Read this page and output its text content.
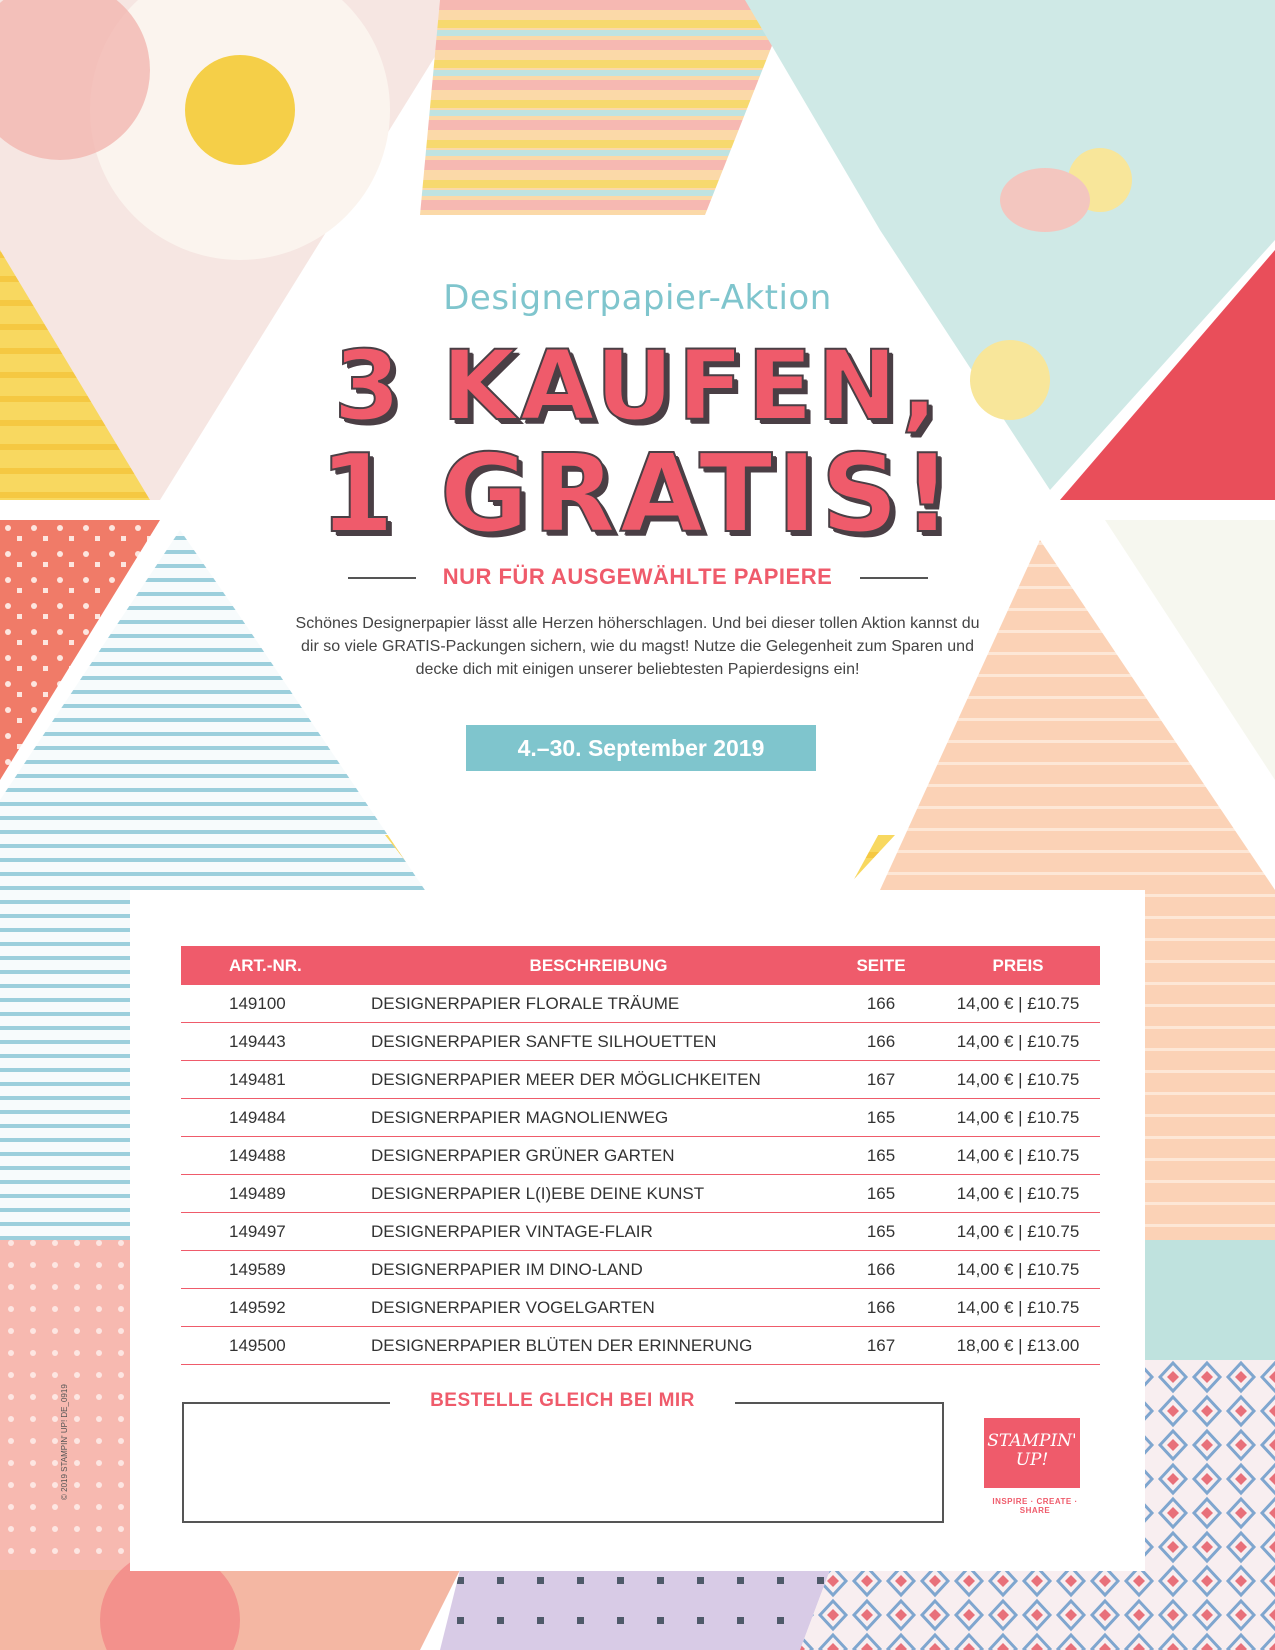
Designerpapier-Aktion
3 KAUFEN,
1 GRATIS!
NUR FÜR AUSGEWÄHLTE PAPIERE
Schönes Designerpapier lässt alle Herzen höherschlagen. Und bei dieser tollen Aktion kannst du dir so viele GRATIS-Packungen sichern, wie du magst! Nutze die Gelegenheit zum Sparen und decke dich mit einigen unserer beliebtesten Papierdesigns ein!
4.–30. September 2019
ART.-NR.	BESCHREIBUNG	SEITE	PREIS
149100	DESIGNERPAPIER FLORALE TRÄUME	166	14,00 € | £10.75
149443	DESIGNERPAPIER SANFTE SILHOUETTEN	166	14,00 € | £10.75
149481	DESIGNERPAPIER MEER DER MÖGLICHKEITEN	167	14,00 € | £10.75
149484	DESIGNERPAPIER MAGNOLIENWEG	165	14,00 € | £10.75
149488	DESIGNERPAPIER GRÜNER GARTEN	165	14,00 € | £10.75
149489	DESIGNERPAPIER L(I)EBE DEINE KUNST	165	14,00 € | £10.75
149497	DESIGNERPAPIER VINTAGE-FLAIR	165	14,00 € | £10.75
149589	DESIGNERPAPIER IM DINO-LAND	166	14,00 € | £10.75
149592	DESIGNERPAPIER VOGELGARTEN	166	14,00 € | £10.75
149500	DESIGNERPAPIER BLÜTEN DER ERINNERUNG	167	18,00 € | £13.00
BESTELLE GLEICH BEI MIR
STAMPIN'
UP!
INSPIRE · CREATE · SHARE
© 2019 STAMPIN' UP! DE_0919
